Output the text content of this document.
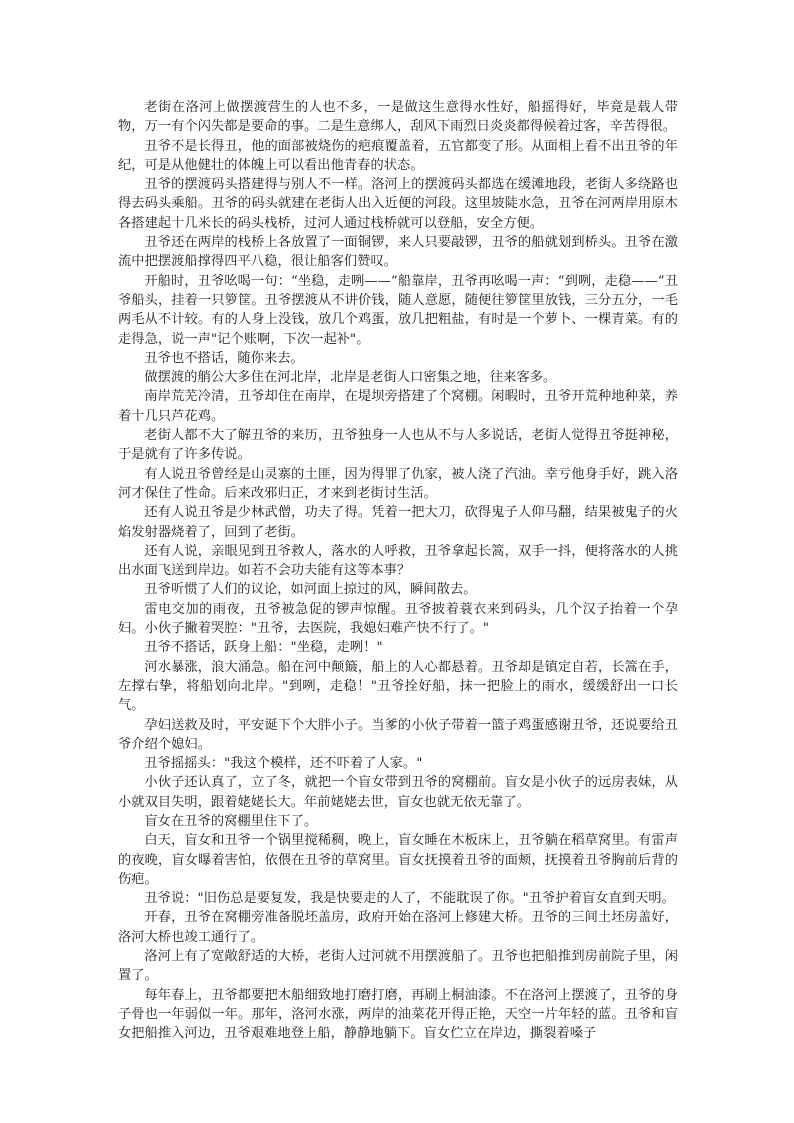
老街在洛河上做摆渡营生的人也不多，一是做这生意得水性好，船摇得好，毕竟是载人带物，万一有个闪失都是要命的事。二是生意绑人，刮风下雨烈日炎炎都得候着过客，辛苦得很。

丑爷不是长得丑，他的面部被烧伤的疤痕覆盖着，五官都变了形。从面相上看不出丑爷的年纪，可是从他健壮的体魄上可以看出他青春的状态。

丑爷的摆渡码头搭建得与别人不一样。洛河上的摆渡码头都选在缓滩地段，老街人多绕路也得去码头乘船。丑爷的码头就建在老街人出入近便的河段。这里坡陡水急，丑爷在河两岸用原木各搭建起十几米长的码头栈桥，过河人通过栈桥就可以登船，安全方便。

丑爷还在两岸的栈桥上各放置了一面铜锣，来人只要敲锣，丑爷的船就划到桥头。丑爷在激流中把摆渡船撑得四平八稳，很让船客们赞叹。

开船时，丑爷吆喝一句：“坐稳，走咧——”船靠岸，丑爷再吆喝一声：“到咧，走稳——”丑爷船头，挂着一只箩筐。丑爷摆渡从不讲价钱，随人意愿，随便往箩筐里放钱，三分五分，一毛两毛从不计较。有的人身上没钱，放几个鸡蛋，放几把粗盐，有时是一个萝卜、一棵青菜。有的走得急，说一声"记个账啊，下次一起补"。

丑爷也不搭话，随你来去。

做摆渡的艄公大多住在河北岸，北岸是老街人口密集之地，往来客多。

南岸荒芜冷清，丑爷却住在南岸，在堤坝旁搭建了个窝棚。闲暇时，丑爷开荒种地种菜，养着十几只芦花鸡。

老街人都不大了解丑爷的来历，丑爷独身一人也从不与人多说话，老街人觉得丑爷挺神秘，于是就有了许多传说。

有人说丑爷曾经是山灵寨的土匪，因为得罪了仇家，被人浇了汽油。幸亏他身手好，跳入洛河才保住了性命。后来改邪归正，才来到老街讨生活。

还有人说丑爷是少林武僧，功夫了得。凭着一把大刀，砍得鬼子人仰马翻，结果被鬼子的火焰发射器烧着了，回到了老街。

还有人说，亲眼见到丑爷救人，落水的人呼救，丑爷拿起长篙，双手一抖，便将落水的人挑出水面飞送到岸边。如若不会功夫能有这等本事？

丑爷听惯了人们的议论，如河面上掠过的风，瞬间散去。

雷电交加的雨夜，丑爷被急促的锣声惊醒。丑爷披着蓑衣来到码头，几个汉子抬着一个孕妇。小伙子撇着哭腔："丑爷，去医院，我媳妇难产快不行了。"

丑爷不搭话，跃身上船："坐稳，走咧！"

河水暴涨，浪大涌急。船在河中颠簸，船上的人心都悬着。丑爷却是镇定自若，长篙在手，左撑右挚，将船划向北岸。"到咧，走稳！"丑爷拴好船，抹一把脸上的雨水，缓缓舒出一口长气。

孕妇送救及时，平安诞下个大胖小子。当爹的小伙子带着一篮子鸡蛋感谢丑爷，还说要给丑爷介绍个媳妇。

丑爷摇摇头："我这个模样，还不吓着了人家。"

小伙子还认真了，立了冬，就把一个盲女带到丑爷的窝棚前。盲女是小伙子的远房表妹，从小就双目失明，跟着姥姥长大。年前姥姥去世，盲女也就无依无靠了。

盲女在丑爷的窝棚里住下了。

白天，盲女和丑爷一个锅里搅稀稠，晚上，盲女睡在木板床上，丑爷躺在稻草窝里。有雷声的夜晚，盲女曝着害怕，依偎在丑爷的草窝里。盲女抚摸着丑爷的面颊，抚摸着丑爷胸前后背的伤疤。

丑爷说："旧伤总是要复发，我是快要走的人了，不能耽误了你。"丑爷护着盲女直到天明。

开春，丑爷在窝棚旁准备脱坯盖房，政府开始在洛河上修建大桥。丑爷的三间土坯房盖好，洛河大桥也竣工通行了。

洛河上有了宽敞舒适的大桥，老街人过河就不用摆渡船了。丑爷也把船推到房前院子里，闲置了。

每年春上，丑爷都要把木船细致地打磨打磨，再刷上桐油漆。不在洛河上摆渡了，丑爷的身子骨也一年弱似一年。那年，洛河水涨，两岸的油菜花开得正艳，天空一片年轻的蓝。丑爷和盲女把船推入河边，丑爷艰难地登上船，静静地躺下。盲女伫立在岸边，撕裂着嗓子
